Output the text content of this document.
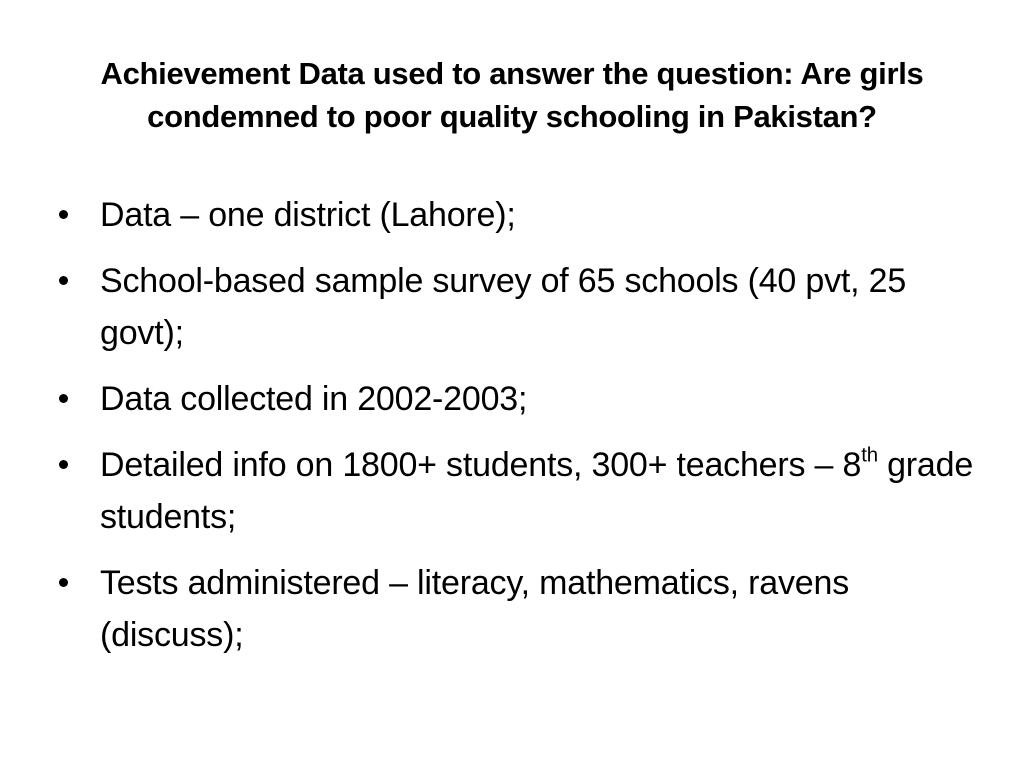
Achievement Data used to answer the question: Are girls condemned to poor quality schooling in Pakistan?
Data – one district (Lahore);
School-based sample survey of 65 schools (40 pvt, 25 govt);
Data collected in 2002-2003;
Detailed info on 1800+ students, 300+ teachers – 8th grade students;
Tests administered – literacy, mathematics, ravens (discuss);
